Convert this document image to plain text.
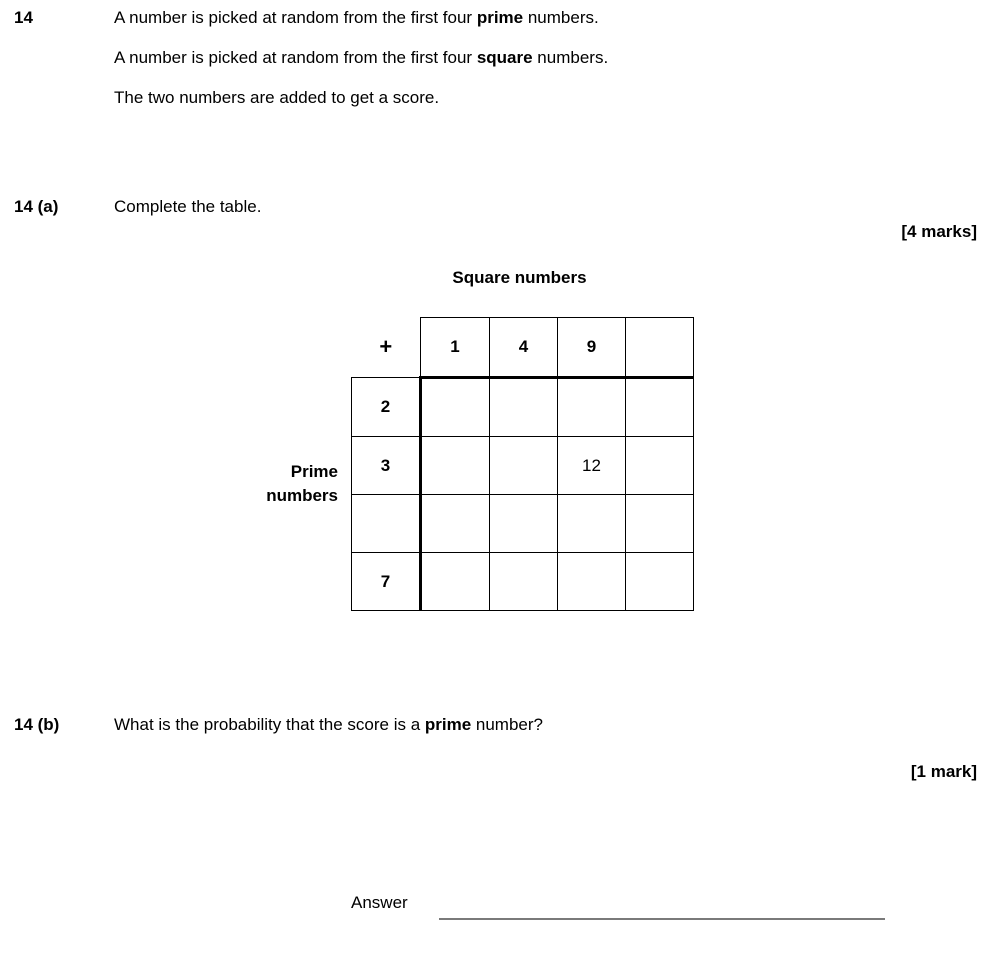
14	A number is picked at random from the first four prime numbers.
A number is picked at random from the first four square numbers.
The two numbers are added to get a score.
14 (a)	Complete the table.
[4 marks]
Square numbers
Prime
numbers
+	1	4	9	
2				
3			12	

7				
14 (b)	What is the probability that the score is a prime number?
[1 mark]
Answer
